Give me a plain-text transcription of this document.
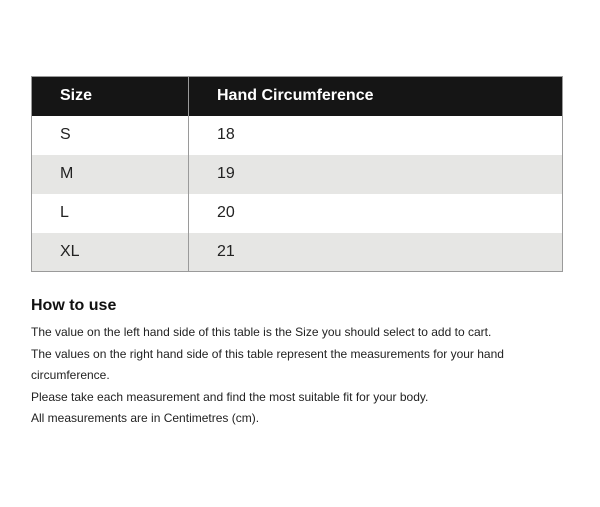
Size	Hand Circumference
S	18
M	19
L	20
XL	21
How to use

The value on the left hand side of this table is the Size you should select to add to cart.

The values on the right hand side of this table represent the measurements for your hand circumference.

Please take each measurement and find the most suitable fit for your body.

All measurements are in Centimetres (cm).
